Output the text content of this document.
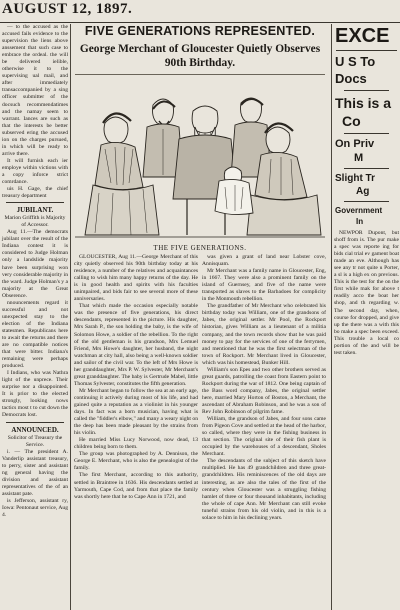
AUGUST 12, 1897.

— to the accused as the accused fails evidence to the supervision the liens above anssement that such case to embrace the ordeal. the will be delivered ielible, otherwise it to the supervising ual mail, and after immediately transaccompanied by a sing officer submitter of the docsuch recommendatimes and the namay seem to warrant. Iances are such as that the interests be better subserved ering the accused ion on the charges pursued, in which will be ready to arrive there.

It will furnish each ier employe within victions with a copy inforce strict comrdance.

uis H. Gage, the chief treasury department

JUBILANT.

Marion Griffith is Majority of Accessor.

Aug 11.—The democrats jubilant over the result of the Indiana contest it is considered to Judge Holman only a landslide majority have been surprising won very considerable majority in the ward. Judge Holman's y a majority at the Great Obserence.

nnouncements regard it successful and not unexpected stay to the election of the Indiana statesmen. Republicans here to await the returns and there are no compatible notices that were bitter. Indiana's remaining were perhaps produced.

I Indians, who was Nathra light of the unprece. Their surprise nor a disappointed. It is prior to the elected strongly, looking nows tactics most t to cut down the Democrats lost.

ANNOUNCED.

Solicitor of Treasury the Service.

i. — The president A. Vanderlip assistant treasury, to perry, sister and assistant ng general having the division and assistant representatives of the of an assistant pate.

is Jefferson, assistant ry, Iowa: Pentonaut service, Aug 4.

FIVE GENERATIONS REPRESENTED.
George Merchant of Gloucester Quietly Observes 90th Birthday.
THE FIVE GENERATIONS.

GLOUCESTER, Aug 11.—George Merchant of this city quietly observed his 90th birthday today at his residence, a number of the relatives and acquaintances calling to wish him many happy returns of the day. He is in good health and spirits with his faculties unimpaired, and bids fair to see several more of these anniversaries.

That which made the occasion especially notable was the presence of five generations, his direct descendants, represented in the picture. His daughter, Mrs Sarah P., the son holding the baby, is the wife of Solomon Howe, a soldier of the rebellion. To the right of the old gentleman is his grandson, Mrs Lemuel Friend, Mrs Howe's daughter, her husband, the night watchman at city hall, also being a well-known soldier and sailor of the civil war. To the left of Mrs Howe is her granddaughter, Mrs P. W. Sylvester, Mr Merchant's great granddaughter. The baby is Gertrude Mabel, little Thomas Sylvester, constitutes the fifth generation.

Mr Merchant began to follow the sea at an early age, continuing it actively during most of his life, and had gained quite a reputation as a violinist in his younger days. In fact was a born musician, having what is called the "fiddler's elbow," and many a weary night on the deep has been made pleasant by the strains from his violin.

He married Miss Lucy Norwood, now dead, 13 children being born to them.

The group was photographed by A. Dennison, the George E. Merchant, who is also the genealogist of the family.

The first Merchant, according to this authority, settled in Braintree in 1636. His descendants settled at Yarmouth, Cape Cod, and from that place the family was shortly here that he to Cape Ann in 1721, and

was given a grant of land near Lobster cove, Annisquam.

Mr Merchant was a family name in Gloucester, Eng, in 1667. They were also a prominent family on the island of Guernsey, and five of the name were transported as slaves to the Barbadoes for complicity in the Monmouth rebellion.

The grandfather of Mr Merchant who celebrated his birthday today was William, one of the grandsons of Jabes, the original settler. Mr Pool, the Rockport historian, gives William as a lieutenant of a militia company, and the town records show that he was paid money to pay for the services of one of the ferrymen, and mentioned that he was the first selectman of the town of Rockport. Mr Merchant lived in Gloucester, which was his homestead, Bunker Hill.

William's son Epes and two other brothers served as great guards, patrolling the coast from Eastern point to Rockport during the war of 1812. One being captain of the Bass word company, Jabes, the original settler here, married Mary Horton of Boston, a Merchant, the ascendant of Abraham Robinson, and he was a son of Rev John Robinson of pilgrim fame.

William, the grandson of Jabes, and four sons came from Pigeon Cove and settled at the head of the harbor, so called, where they were in the fishing business in that section. The original site of their fish plant is occupied by the warehouses of a descendant, Sholes Merchant.

The descendants of the subject of this sketch have multiplied. He has 49 grandchildren and three great-grandchildren. His reminiscences of the old days are interesting, as are also the tales of the first of the century when Gloucester was a struggling fishing hamlet of three or four thousand inhabitants, including the whole of cape Ann. Mr Merchant can still evoke tuneful strains from his old violin, and in this is a solace to him in his declining years.

EXCE
U S To
Docs
This is a
Co
On Priv
M
Slight Tr
Ag
Government
In

NEWPOR Dupont, but shoff from is. The pur make a spec was reporte ing for bids cial trial ev gament boat made an eve. Although has see any tr not quite u Porter, a sl is a high ex on previous. This is the test for the on the first while mak for above t readily acco the boat her shop, and th regarding w. The second day, when, course for dropped, and give up the there was a with this bo make a spec been exceed. This trouble a local co portion of the and will be test taken.
